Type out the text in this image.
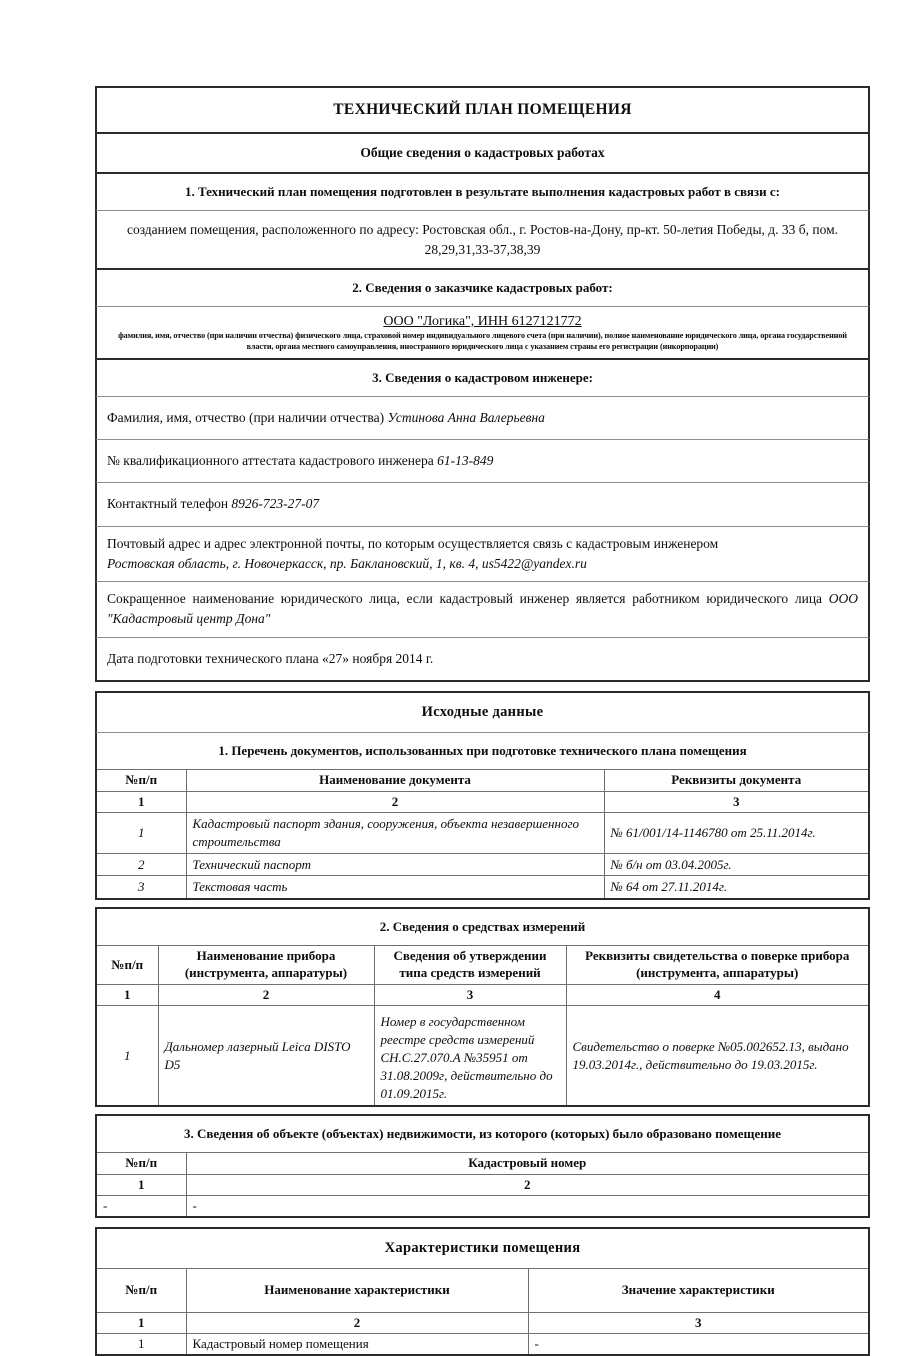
ТЕХНИЧЕСКИЙ ПЛАН ПОМЕЩЕНИЯ
Общие сведения о кадастровых работах
1. Технический план помещения подготовлен в результате выполнения кадастровых работ в связи с:
созданием помещения, расположенного по адресу: Ростовская обл., г. Ростов-на-Дону, пр-кт. 50-летия Победы, д. 33 б, пом. 28,29,31,33-37,38,39
2. Сведения о заказчике кадастровых работ:
ООО "Логика", ИНН 6127121772
фамилия, имя, отчество (при наличии отчества) физического лица, страховой номер индивидуального лицевого счета (при наличии), полное наименование юридического лица, органа государственной власти, органа местного самоуправления, иностранного юридического лица с указанием страны его регистрации (инкорпорации)
3. Сведения о кадастровом инженере:
Фамилия, имя, отчество (при наличии отчества) Устинова Анна Валерьевна
№ квалификационного аттестата кадастрового инженера 61-13-849
Контактный телефон 8926-723-27-07
Почтовый адрес и адрес электронной почты, по которым осуществляется связь с кадастровым инженером
Ростовская область, г. Новочеркасск, пр. Баклановский, 1, кв. 4, us5422@yandex.ru
Сокращенное наименование юридического лица, если кадастровый инженер является работником юридического лица ООО "Кадастровый центр Дона"
Дата подготовки технического плана «27» ноября 2014 г.
Исходные данные
1. Перечень документов, использованных при подготовке технического плана помещения
№п/п	Наименование документа	Реквизиты документа
1	2	3
1	Кадастровый паспорт здания, сооружения, объекта незавершенного строительства	№ 61/001/14-1146780 от 25.11.2014г.
2	Технический паспорт	№ б/н от 03.04.2005г.
3	Текстовая часть	№ 64 от 27.11.2014г.
2. Сведения о средствах измерений
№п/п	Наименование прибора (инструмента, аппаратуры)	Сведения об утверждении типа средств измерений	Реквизиты свидетельства о поверке прибора (инструмента, аппаратуры)
1	2	3	4
1	Дальномер лазерный Leica DISTO D5	Номер в государственном реестре средств измерений СН.С.27.070.А №35951 от 31.08.2009г, действительно до 01.09.2015г.	Свидетельство о поверке №05.002652.13, выдано 19.03.2014г., действительно до 19.03.2015г.
3. Сведения об объекте (объектах) недвижимости, из которого (которых) было образовано помещение
№п/п	Кадастровый номер
1	2
-	-
Характеристики помещения
№п/п	Наименование характеристики	Значение характеристики
1	2	3
1	Кадастровый номер помещения	-
